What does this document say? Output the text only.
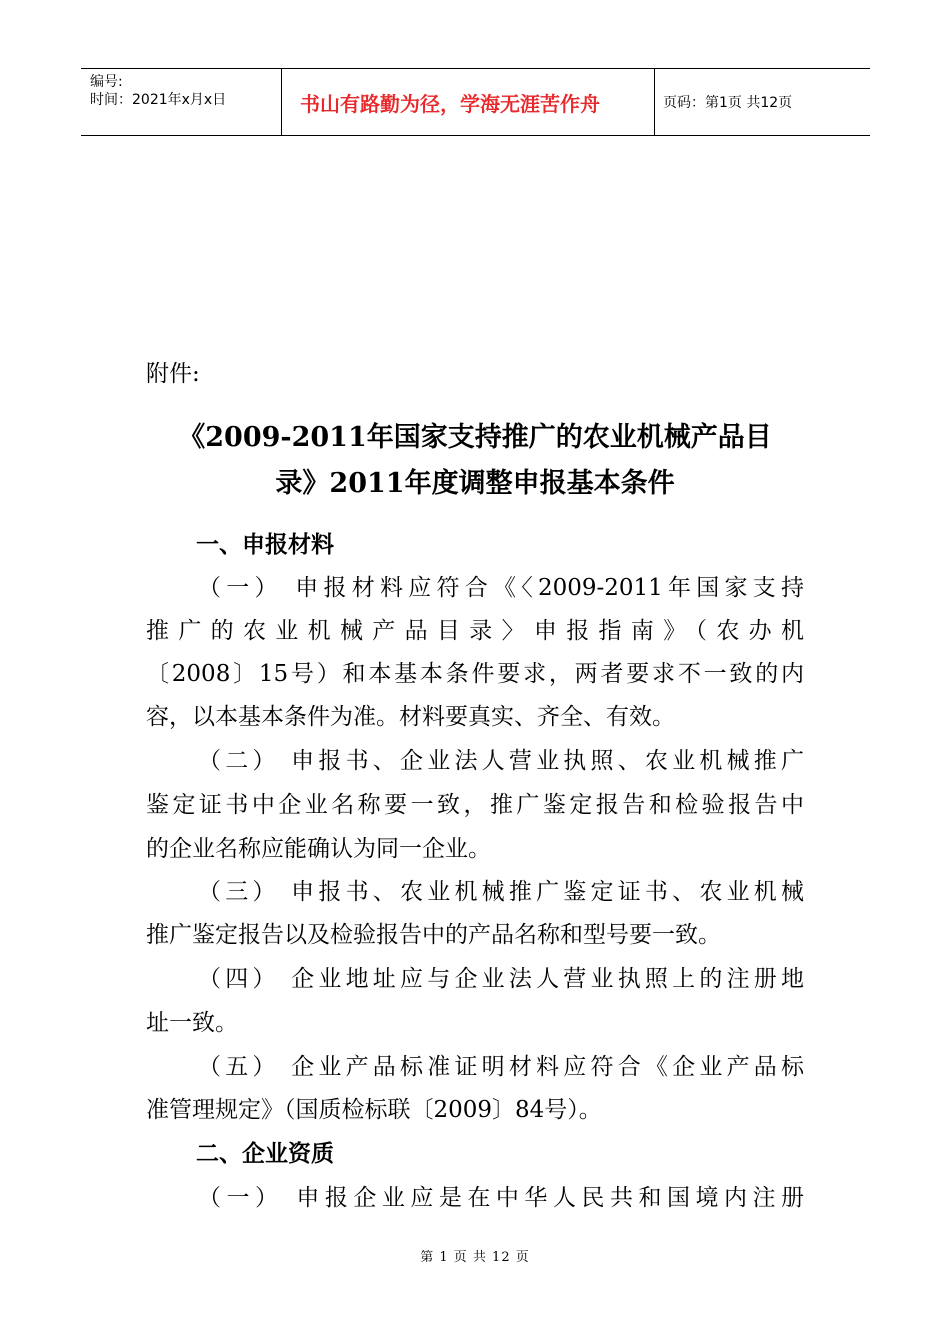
编号:
时间：2021年x月x日	书山有路勤为径，学海无涯苦作舟	页码：第1页 共12页
附件:
《2009-2011年国家支持推广的农业机械产品目
录》2011年度调整申报基本条件
一、申报材料
（一） 申报材料应符合《〈2009-2011年国家支持
推广的农业机械产品目录〉申报指南》（农办机
〔2008〕15号）和本基本条件要求，两者要求不一致的内
容，以本基本条件为准。材料要真实、齐全、有效。
（二） 申报书、企业法人营业执照、农业机械推广
鉴定证书中企业名称要一致，推广鉴定报告和检验报告中
的企业名称应能确认为同一企业。
（三） 申报书、农业机械推广鉴定证书、农业机械
推广鉴定报告以及检验报告中的产品名称和型号要一致。
（四） 企业地址应与企业法人营业执照上的注册地
址一致。
（五） 企业产品标准证明材料应符合《企业产品标
准管理规定》（国质检标联〔2009〕84号）。
二、企业资质
（一） 申报企业应是在中华人民共和国境内注册
第 1 页 共 12 页
